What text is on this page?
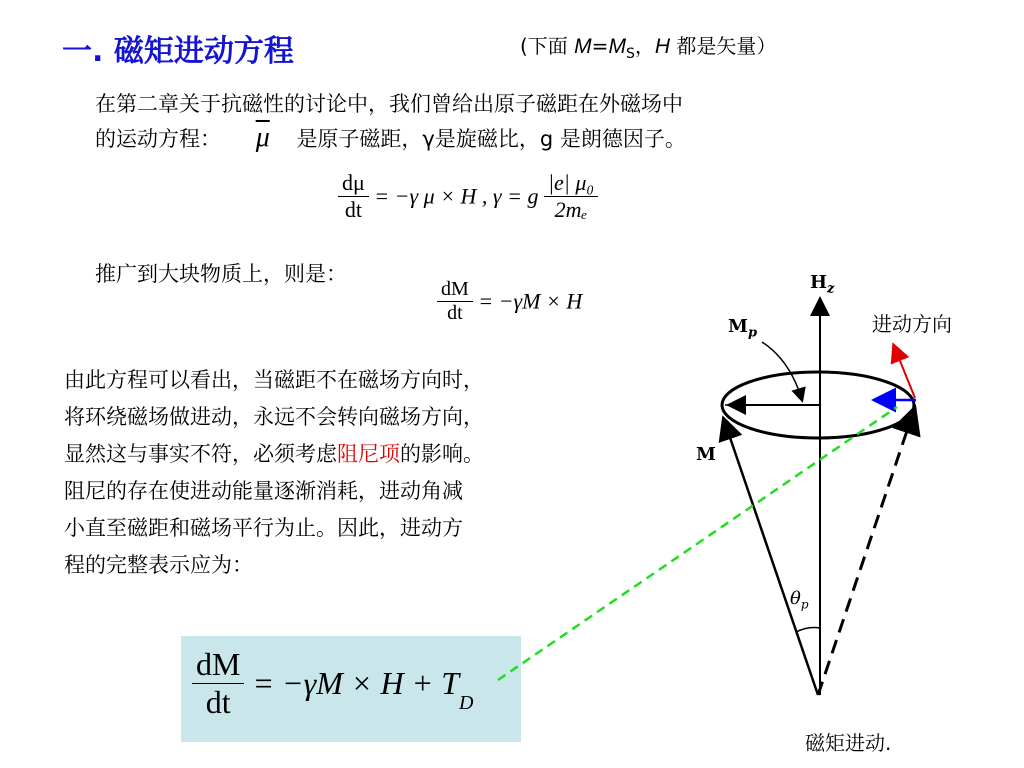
一. 磁矩进动方程	(下面 $M=M_S$，H 都是矢量）
在第二章关于抗磁性的讨论中，我们曾给出原子磁距在外磁场中
的运动方程： $\overline{\mu}$ 是原子磁距，γ是旋磁比，g 是朗德因子。
$\frac{d\mu}{dt} = -\gamma$ μ × H , γ = g $\frac{\text{|e| μ₀}}{\text{2mₑ}}$
推广到大块物质上，则是：
$\frac{dM}{dt} = -\gamma M \times H$
由此方程可以看出，当磁距不在磁场方向时，
将环绕磁场做进动，永远不会转向磁场方向，
显然这与事实不符，必须考虑阻尼项的影响。
阻尼的存在使进动能量逐渐消耗，进动角减
小直至磁距和磁场平行为止。因此，进动方
程的完整表示应为：
$\frac{dM}{dt} = -\gamma M \times H + T_D$
$H_z$
$M_p$
M
$\theta_p$
进动方向
磁矩进动.
